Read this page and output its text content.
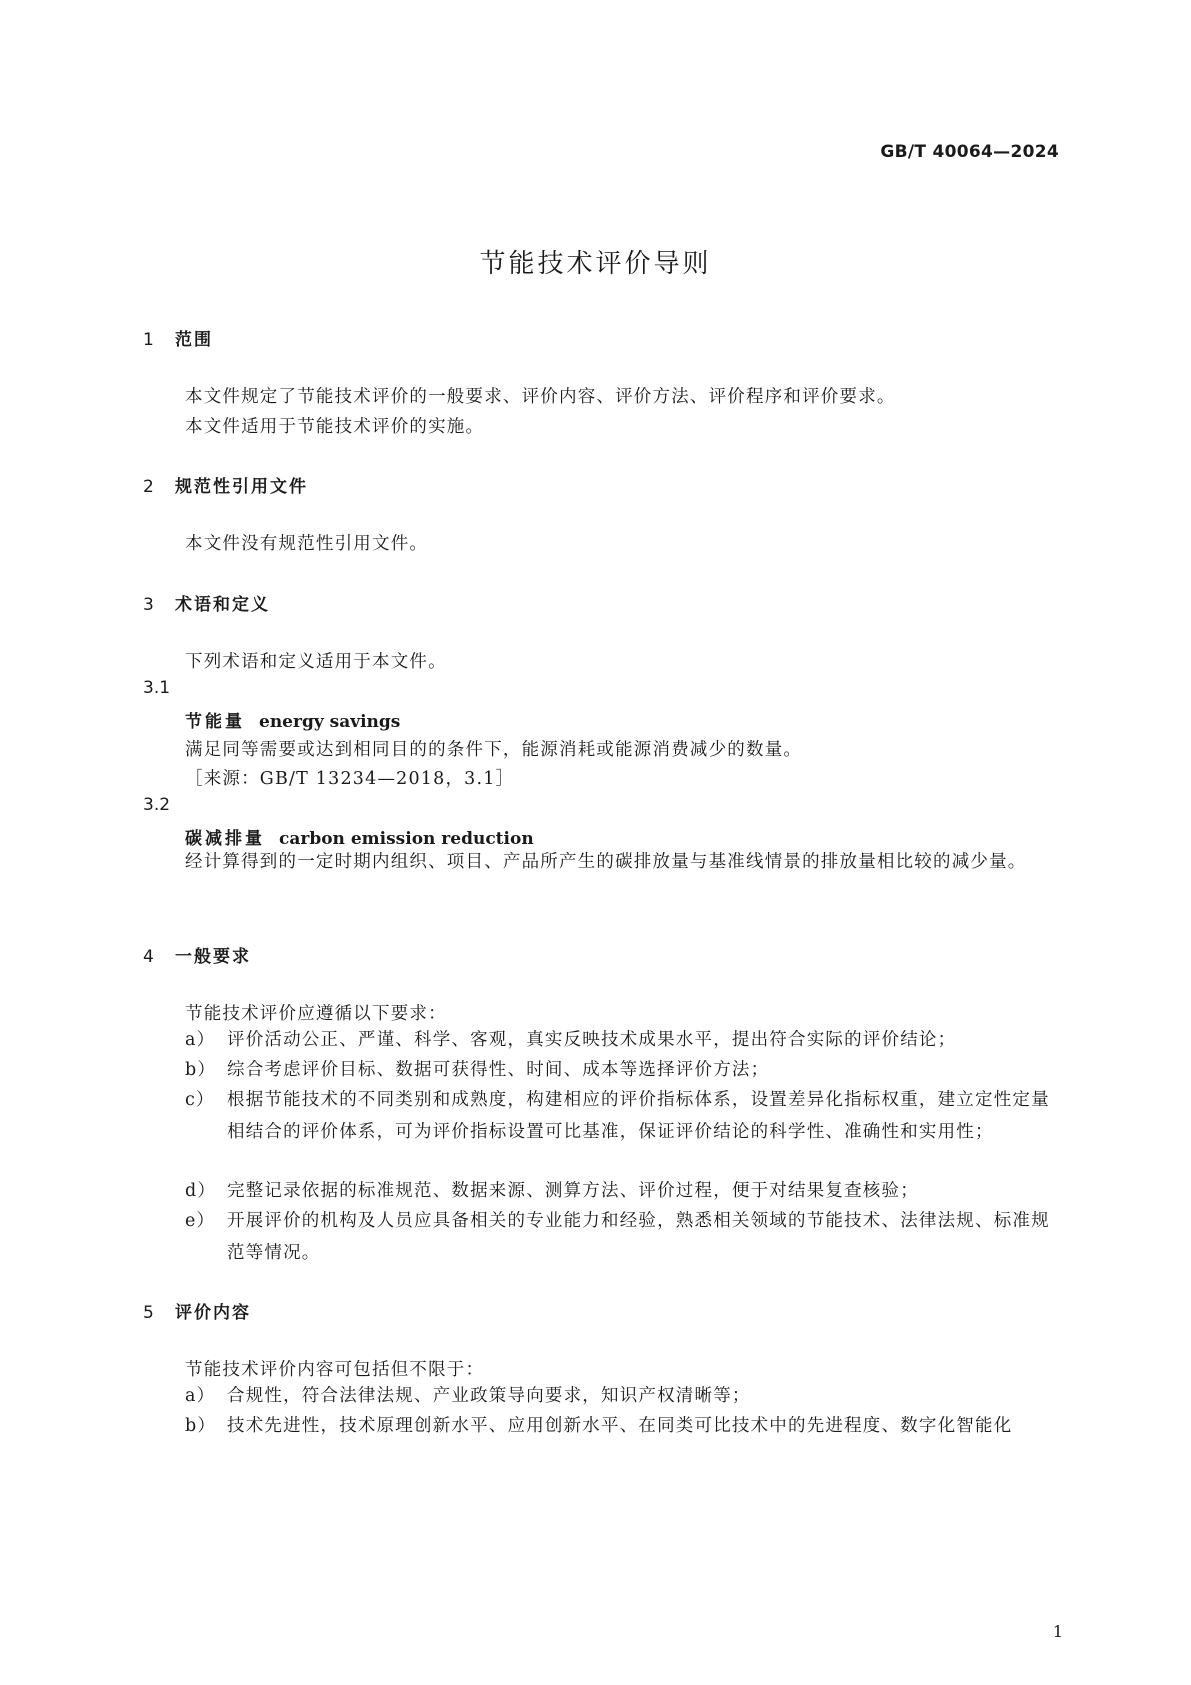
GB/T 40064—2024
节能技术评价导则
1 范围
本文件规定了节能技术评价的一般要求、评价内容、评价方法、评价程序和评价要求。
本文件适用于节能技术评价的实施。
2 规范性引用文件
本文件没有规范性引用文件。
3 术语和定义
下列术语和定义适用于本文件。
3.1
节能量 energy savings
满足同等需要或达到相同目的的条件下，能源消耗或能源消费减少的数量。
［来源：GB/T 13234—2018，3.1］
3.2
碳减排量 carbon emission reduction
经计算得到的一定时期内组织、项目、产品所产生的碳排放量与基准线情景的排放量相比较的减少量。
4 一般要求
节能技术评价应遵循以下要求：
a） 评价活动公正、严谨、科学、客观，真实反映技术成果水平，提出符合实际的评价结论；
b） 综合考虑评价目标、数据可获得性、时间、成本等选择评价方法；
c） 根据节能技术的不同类别和成熟度，构建相应的评价指标体系，设置差异化指标权重，建立定性定量相结合的评价体系，可为评价指标设置可比基准，保证评价结论的科学性、准确性和实用性；
d） 完整记录依据的标准规范、数据来源、测算方法、评价过程，便于对结果复查核验；
e） 开展评价的机构及人员应具备相关的专业能力和经验，熟悉相关领域的节能技术、法律法规、标准规范等情况。
5 评价内容
节能技术评价内容可包括但不限于：
a） 合规性，符合法律法规、产业政策导向要求，知识产权清晰等；
b） 技术先进性，技术原理创新水平、应用创新水平、在同类可比技术中的先进程度、数字化智能化
1
